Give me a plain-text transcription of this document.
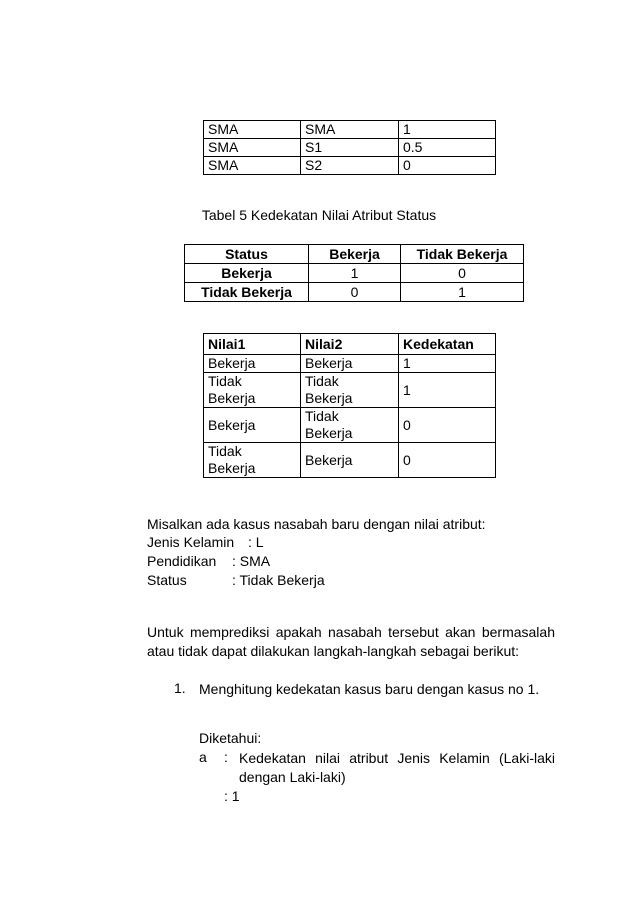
SMA	SMA	1
SMA	S1	0.5
SMA	S2	0
Tabel 5 Kedekatan Nilai Atribut Status
Status	Bekerja	Tidak Bekerja
Bekerja	1	0
Tidak Bekerja	0	1
Nilai1	Nilai2	Kedekatan
Bekerja	Bekerja	1

Tidak Bekerja	Tidak Bekerja	1
Bekerja	Tidak Bekerja	0

Tidak Bekerja	Bekerja	0
Misalkan ada kasus nasabah baru dengan nilai atribut:
Jenis Kelamin : L
Pendidikan : SMA
Status	: Tidak Bekerja
Untuk memprediksi apakah nasabah tersebut akan bermasalah atau tidak dapat dilakukan langkah-langkah sebagai berikut:
1. Menghitung kedekatan kasus baru dengan kasus no 1.
Diketahui:
a : Kedekatan nilai atribut Jenis Kelamin (Laki-laki dengan Laki-laki)
: 1
